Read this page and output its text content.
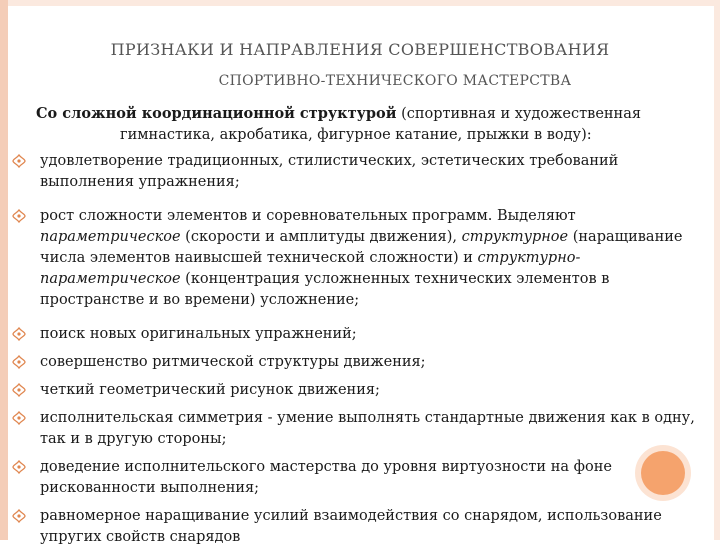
ПРИЗНАКИ И НАПРАВЛЕНИЯ СОВЕРШЕНСТВОВАНИЯ
СПОРТИВНО-ТЕХНИЧЕСКОГО МАСТЕРСТВА
Со сложной координационной структурой (спортивная и художественная
гимнастика, акробатика, фигурное катание, прыжки в воду):
удовлетворение традиционных, стилистических, эстетических требований выполнения упражнения;
рост сложности элементов и соревновательных программ. Выделяют параметрическое (скорости и амплитуды движения), структурное (наращивание числа элементов наивысшей технической сложности) и структурно-параметрическое (концентрация усложненных технических элементов в пространстве и во времени) усложнение;
поиск новых оригинальных упражнений;
совершенство ритмической структуры движения;
четкий геометрический рисунок движения;
исполнительская симметрия - умение выполнять стандартные движения как в одну, так и в другую стороны;
доведение исполнительского мастерства до уровня виртуозности на фоне рискованности выполнения;
равномерное наращивание усилий взаимодействия со снарядом, использование упругих свойств снарядов
